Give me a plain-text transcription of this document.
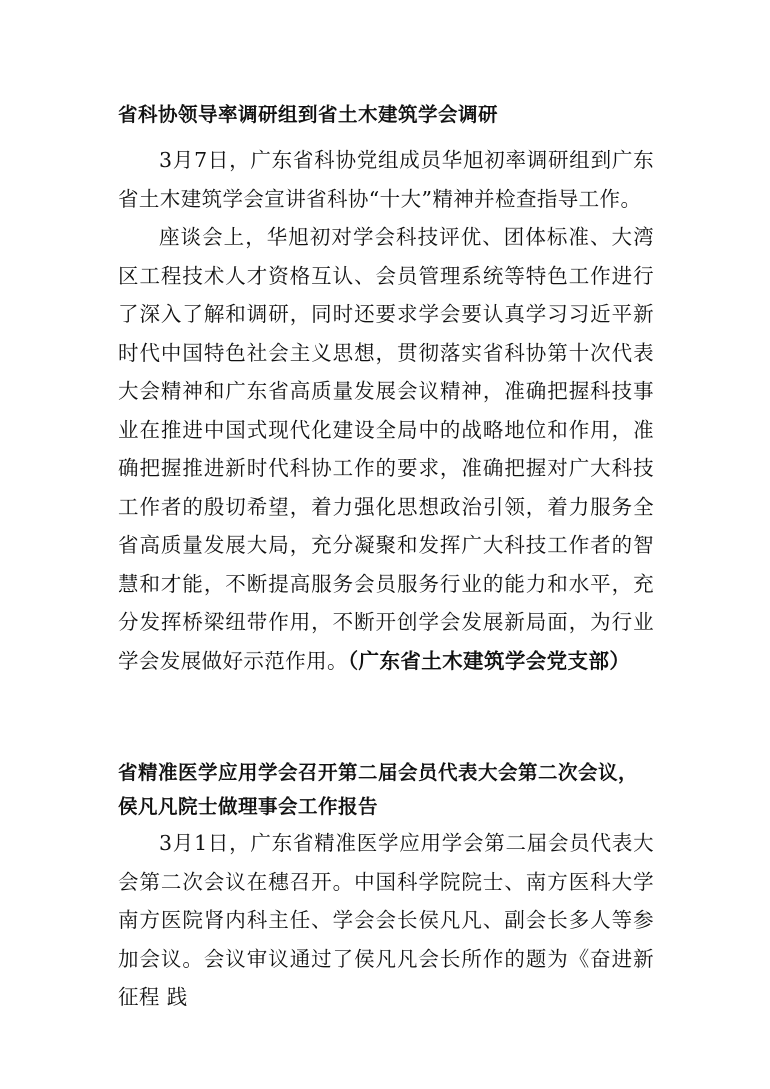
省科协领导率调研组到省土木建筑学会调研

3月7日，广东省科协党组成员华旭初率调研组到广东省土木建筑学会宣讲省科协“十大”精神并检查指导工作。

座谈会上，华旭初对学会科技评优、团体标准、大湾区工程技术人才资格互认、会员管理系统等特色工作进行了深入了解和调研，同时还要求学会要认真学习习近平新时代中国特色社会主义思想，贯彻落实省科协第十次代表大会精神和广东省高质量发展会议精神，准确把握科技事业在推进中国式现代化建设全局中的战略地位和作用，准确把握推进新时代科协工作的要求，准确把握对广大科技工作者的殷切希望，着力强化思想政治引领，着力服务全省高质量发展大局，充分凝聚和发挥广大科技工作者的智慧和才能，不断提高服务会员服务行业的能力和水平，充分发挥桥梁纽带作用，不断开创学会发展新局面，为行业学会发展做好示范作用。（广东省土木建筑学会党支部）

省精准医学应用学会召开第二届会员代表大会第二次会议，侯凡凡院士做理事会工作报告

3月1日，广东省精准医学应用学会第二届会员代表大会第二次会议在穗召开。中国科学院院士、南方医科大学南方医院肾内科主任、学会会长侯凡凡、副会长多人等参加会议。会议审议通过了侯凡凡会长所作的题为《奋进新征程 践
